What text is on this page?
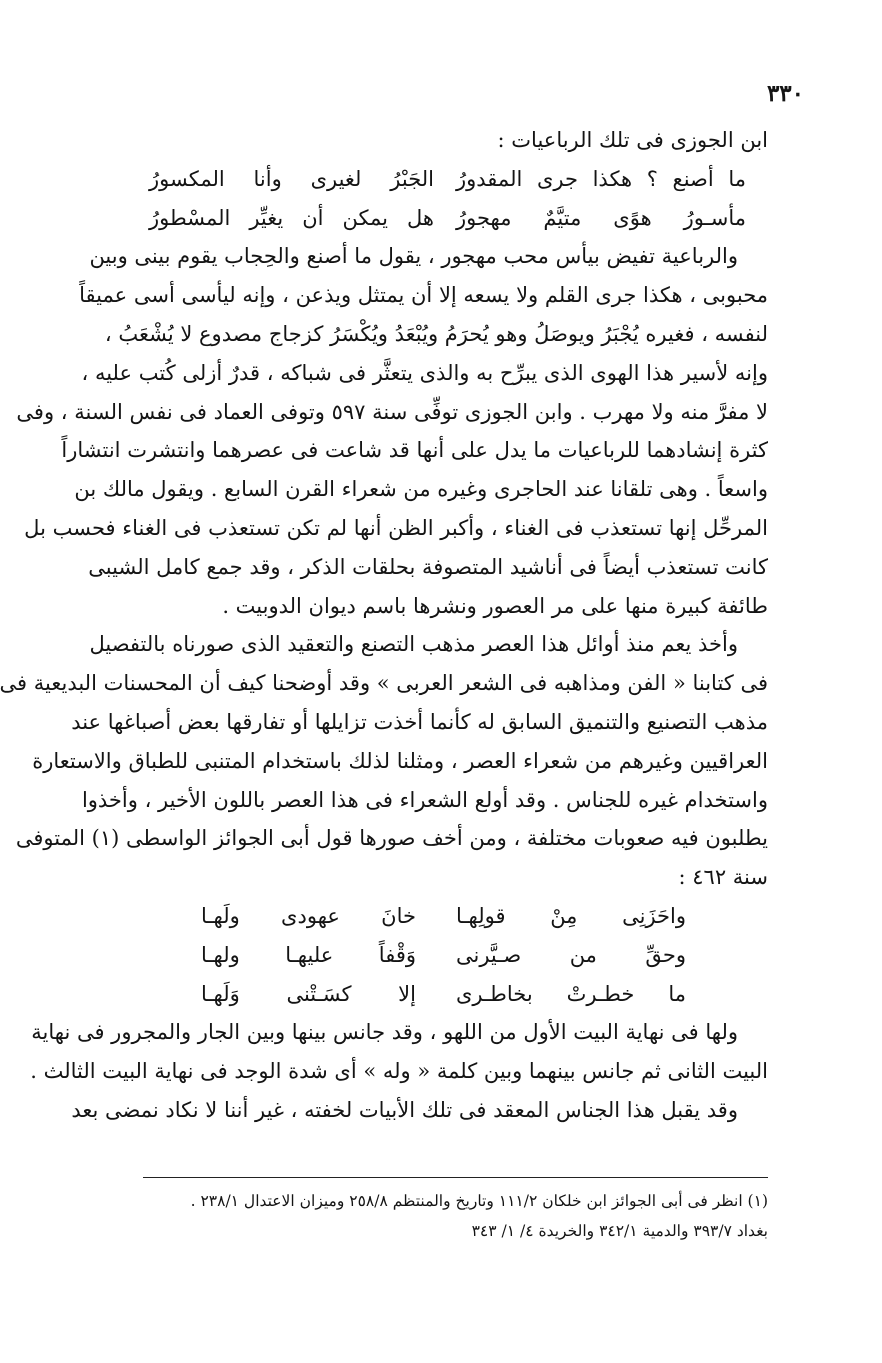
٣٣٠
ابن الجوزى فى تلك الرباعيات :
ما أصنع ؟ هكذا جرى المقدورُ
الجَبْرُ لغيرى وأنا المكسورُ
مأسـورُ هوًى متيَّمٌ مهجورُ
هل يمكن أن يغيِّر المسْطورُ
والرباعية تفيض بيأس محب مهجور ، يقول ما أصنع والحِجاب يقوم بينى وبين
محبوبى ، هكذا جرى القلم ولا يسعه إلا أن يمتثل ويذعن ، وإنه ليأسى أسى عميقاً
لنفسه ، فغيره يُجْبَرُ ويوصَلُ وهو يُحرَمُ ويُبْعَدُ ويُكْسَرُ كزجاج مصدوع لا يُشْعَبُ ،
وإنه لأسير هذا الهوى الذى يبرِّح به والذى يتعثَّر فى شباكه ، قدرٌ أزلى كُتب عليه ،
لا مفرَّ منه ولا مهرب . وابن الجوزى توفِّى سنة ٥٩٧ وتوفى العماد فى نفس السنة ، وفى
كثرة إنشادهما للرباعيات ما يدل على أنها قد شاعت فى عصرهما وانتشرت انتشاراً
واسعاً . وهى تلقانا عند الحاجرى وغيره من شعراء القرن السابع . ويقول مالك بن
المرحِّل إنها تستعذب فى الغناء ، وأكبر الظن أنها لم تكن تستعذب فى الغناء فحسب بل
كانت تستعذب أيضاً فى أناشيد المتصوفة بحلقات الذكر ، وقد جمع كامل الشيبى
طائفة كبيرة منها على مر العصور ونشرها باسم ديوان الدوبيت .
وأخذ يعم منذ أوائل هذا العصر مذهب التصنع والتعقيد الذى صورناه بالتفصيل
فى كتابنا « الفن ومذاهبه فى الشعر العربى » وقد أوضحنا كيف أن المحسنات البديعية فى
مذهب التصنيع والتنميق السابق له كأنما أخذت تزايلها أو تفارقها بعض أصباغها عند
العراقيين وغيرهم من شعراء العصر ، ومثلنا لذلك باستخدام المتنبى للطباق والاستعارة
واستخدام غيره للجناس . وقد أولع الشعراء فى هذا العصر باللون الأخير ، وأخذوا
يطلبون فيه صعوبات مختلفة ، ومن أخف صورها قول أبى الجوائز الواسطى (١) المتوفى
سنة ٤٦٢ :
واحَزَنِى مِنْ قولِهـا
خانَ عهودى ولَهـا
وحقِّ من صـيَّرنى
وَقْفاً عليهـا ولهـا
ما خطـرتْ بخاطـرى
إلا كسَـتْنى وَلَهـا
ولها فى نهاية البيت الأول من اللهو ، وقد جانس بينها وبين الجار والمجرور فى نهاية
البيت الثانى ثم جانس بينهما وبين كلمة « وله » أى شدة الوجد فى نهاية البيت الثالث .
وقد يقبل هذا الجناس المعقد فى تلك الأبيات لخفته ، غير أننا لا نكاد نمضى بعد
(١) انظر فى أبى الجوائز ابن خلكان ١١١/٢ وتاريخ والمنتظم ٢٥٨/٨ وميزان الاعتدال ٢٣٨/١ .
بغداد ٣٩٣/٧ والدمية ٣٤٢/١ والخريدة ٤/ ١/ ٣٤٣
